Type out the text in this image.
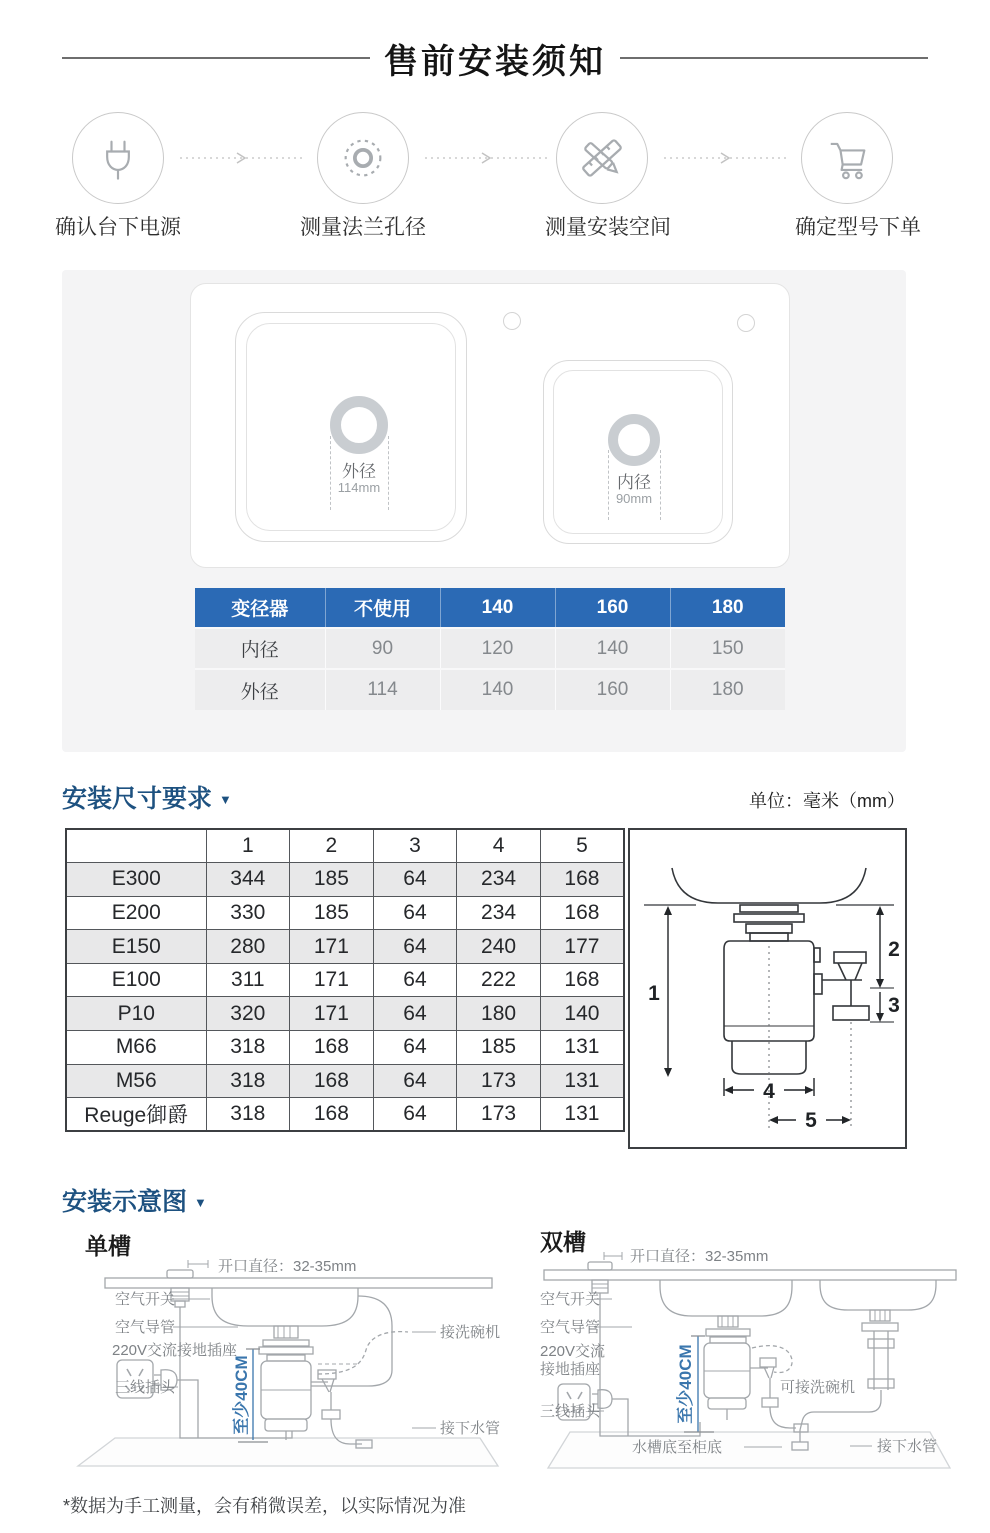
售前安装须知
确认台下电源	测量法兰孔径	测量安装空间	确定型号下单
外径
114mm	内径
90mm
变径器	不使用	140	160	180
内径	90	120	140	150
外径	114	140	160	180
安装尺寸要求 ▼	单位：毫米（mm）
	1	2	3	4	5
E300	344	185	64	234	168
E200	330	185	64	234	168
E150	280	171	64	240	177
E100	311	171	64	222	168
P10	320	171	64	180	140
M66	318	168	64	185	131
M56	318	168	64	173	131
Reuge御爵	318	168	64	173	131
1
2
3
4
5
安装示意图 ▼
单槽	双槽
开口直径：32-35mm
空气开关
空气导管
220V交流接地插座
三线插头
接洗碗机
接下水管
至少40CM
开口直径：32-35mm
空气开关
空气导管
220V交流
接地插座
三线插头
可接洗碗机
水槽底至柜底	接下水管
至少40CM
*数据为手工测量，会有稍微误差，以实际情况为准
